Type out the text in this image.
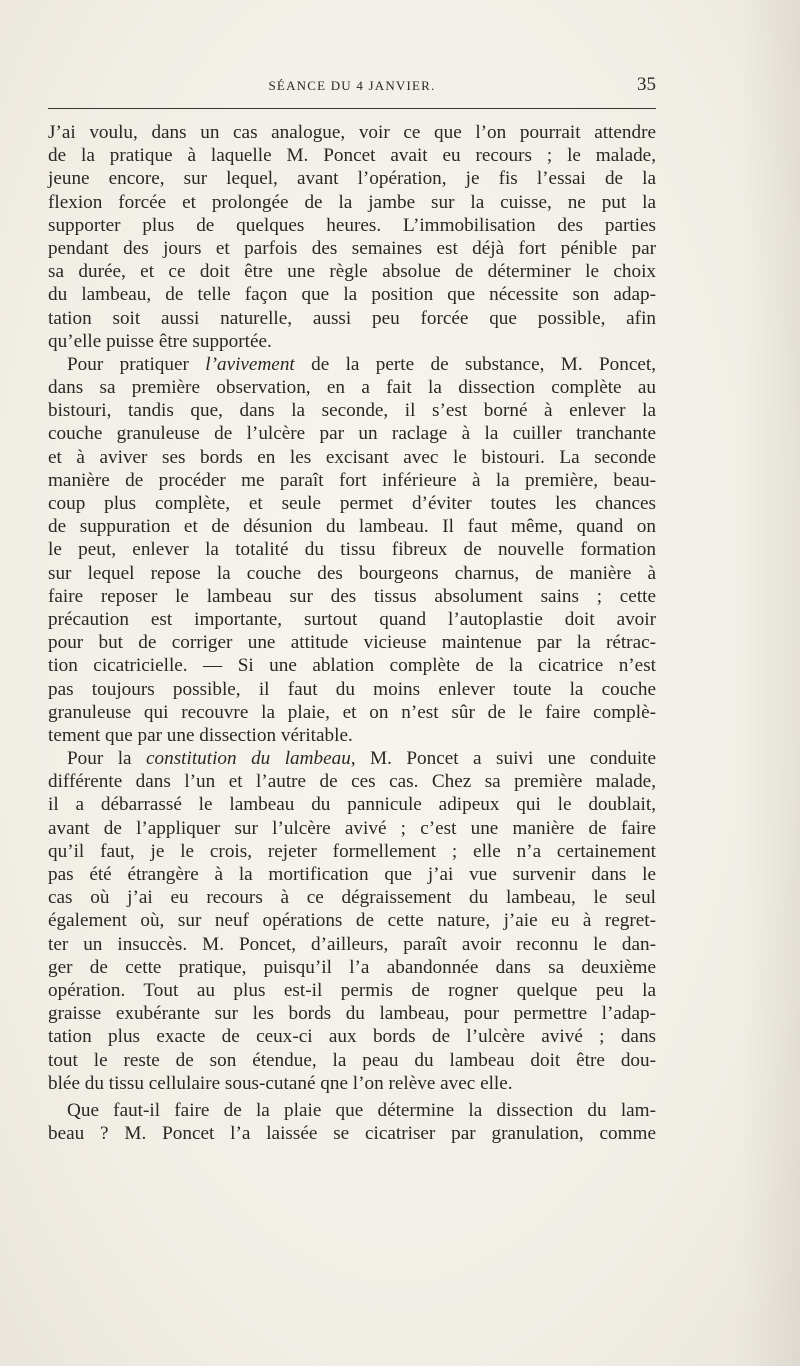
SÉANCE DU 4 JANVIER.	35
J’ai voulu, dans un cas analogue, voir ce que l’on pourrait attendre
de la pratique à laquelle M. Poncet avait eu recours ; le malade,
jeune encore, sur lequel, avant l’opération, je fis l’essai de la
flexion forcée et prolongée de la jambe sur la cuisse, ne put la
supporter plus de quelques heures. L’immobilisation des parties
pendant des jours et parfois des semaines est déjà fort pénible par
sa durée, et ce doit être une règle absolue de déterminer le choix
du lambeau, de telle façon que la position que nécessite son adap-
tation soit aussi naturelle, aussi peu forcée que possible, afin
qu’elle puisse être supportée.
Pour pratiquer l’avivement de la perte de substance, M. Poncet,
dans sa première observation, en a fait la dissection complète au
bistouri, tandis que, dans la seconde, il s’est borné à enlever la
couche granuleuse de l’ulcère par un raclage à la cuiller tranchante
et à aviver ses bords en les excisant avec le bistouri. La seconde
manière de procéder me paraît fort inférieure à la première, beau-
coup plus complète, et seule permet d’éviter toutes les chances
de suppuration et de désunion du lambeau. Il faut même, quand on
le peut, enlever la totalité du tissu fibreux de nouvelle formation
sur lequel repose la couche des bourgeons charnus, de manière à
faire reposer le lambeau sur des tissus absolument sains ; cette
précaution est importante, surtout quand l’autoplastie doit avoir
pour but de corriger une attitude vicieuse maintenue par la rétrac-
tion cicatricielle. — Si une ablation complète de la cicatrice n’est
pas toujours possible, il faut du moins enlever toute la couche
granuleuse qui recouvre la plaie, et on n’est sûr de le faire complè-
tement que par une dissection véritable.
Pour la constitution du lambeau, M. Poncet a suivi une conduite
différente dans l’un et l’autre de ces cas. Chez sa première malade,
il a débarrassé le lambeau du pannicule adipeux qui le doublait,
avant de l’appliquer sur l’ulcère avivé ; c’est une manière de faire
qu’il faut, je le crois, rejeter formellement ; elle n’a certainement
pas été étrangère à la mortification que j’ai vue survenir dans le
cas où j’ai eu recours à ce dégraissement du lambeau, le seul
également où, sur neuf opérations de cette nature, j’aie eu à regret-
ter un insuccès. M. Poncet, d’ailleurs, paraît avoir reconnu le dan-
ger de cette pratique, puisqu’il l’a abandonnée dans sa deuxième
opération. Tout au plus est-il permis de rogner quelque peu la
graisse exubérante sur les bords du lambeau, pour permettre l’adap-
tation plus exacte de ceux-ci aux bords de l’ulcère avivé ; dans
tout le reste de son étendue, la peau du lambeau doit être dou-
blée du tissu cellulaire sous-cutané qne l’on relève avec elle.
Que faut-il faire de la plaie que détermine la dissection du lam-
beau ? M. Poncet l’a laissée se cicatriser par granulation, comme
